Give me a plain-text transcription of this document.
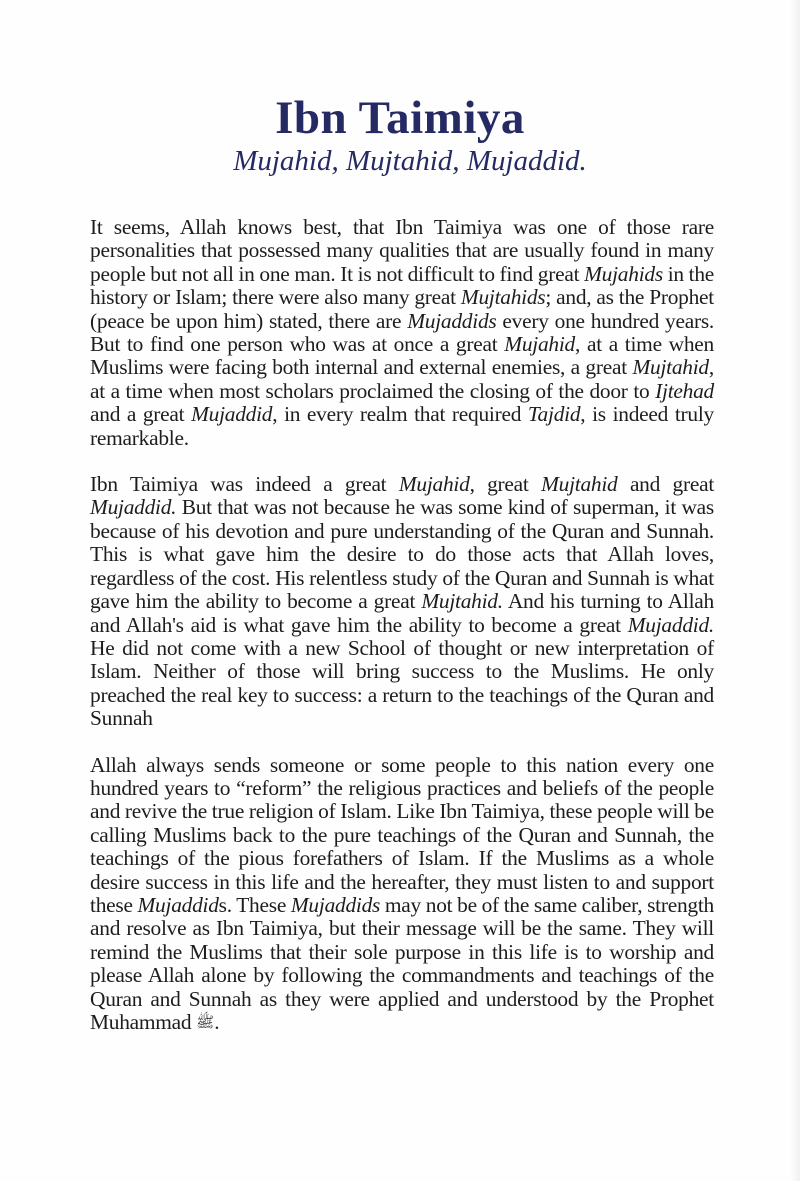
Ibn Taimiya
Mujahid, Mujtahid, Mujaddid.

It seems, Allah knows best, that Ibn Taimiya was one of those rare personalities that possessed many qualities that are usually found in many people but not all in one man. It is not difficult to find great Mujahids in the history or Islam; there were also many great Mujtahids; and, as the Prophet (peace be upon him) stated, there are Mujaddids every one hundred years. But to find one person who was at once a great Mujahid, at a time when Muslims were facing both internal and external enemies, a great Mujtahid, at a time when most scholars proclaimed the closing of the door to Ijtehad and a great Mujaddid, in every realm that required Tajdid, is indeed truly remarkable.

Ibn Taimiya was indeed a great Mujahid, great Mujtahid and great Mujaddid. But that was not because he was some kind of superman, it was because of his devotion and pure understanding of the Quran and Sunnah. This is what gave him the desire to do those acts that Allah loves, regardless of the cost. His relentless study of the Quran and Sunnah is what gave him the ability to become a great Mujtahid. And his turning to Allah and Allah's aid is what gave him the ability to become a great Mujaddid. He did not come with a new School of thought or new interpretation of Islam. Neither of those will bring success to the Muslims. He only preached the real key to success: a return to the teachings of the Quran and Sunnah

Allah always sends someone or some people to this nation every one hundred years to “reform” the religious practices and beliefs of the people and revive the true religion of Islam. Like Ibn Taimiya, these people will be calling Muslims back to the pure teachings of the Quran and Sunnah, the teachings of the pious forefathers of Islam. If the Muslims as a whole desire success in this life and the hereafter, they must listen to and support these Mujaddids. These Mujaddids may not be of the same caliber, strength and resolve as Ibn Taimiya, but their message will be the same. They will remind the Muslims that their sole purpose in this life is to worship and please Allah alone by following the commandments and teachings of the Quran and Sunnah as they were applied and understood by the Prophet Muhammad ﷺ.
